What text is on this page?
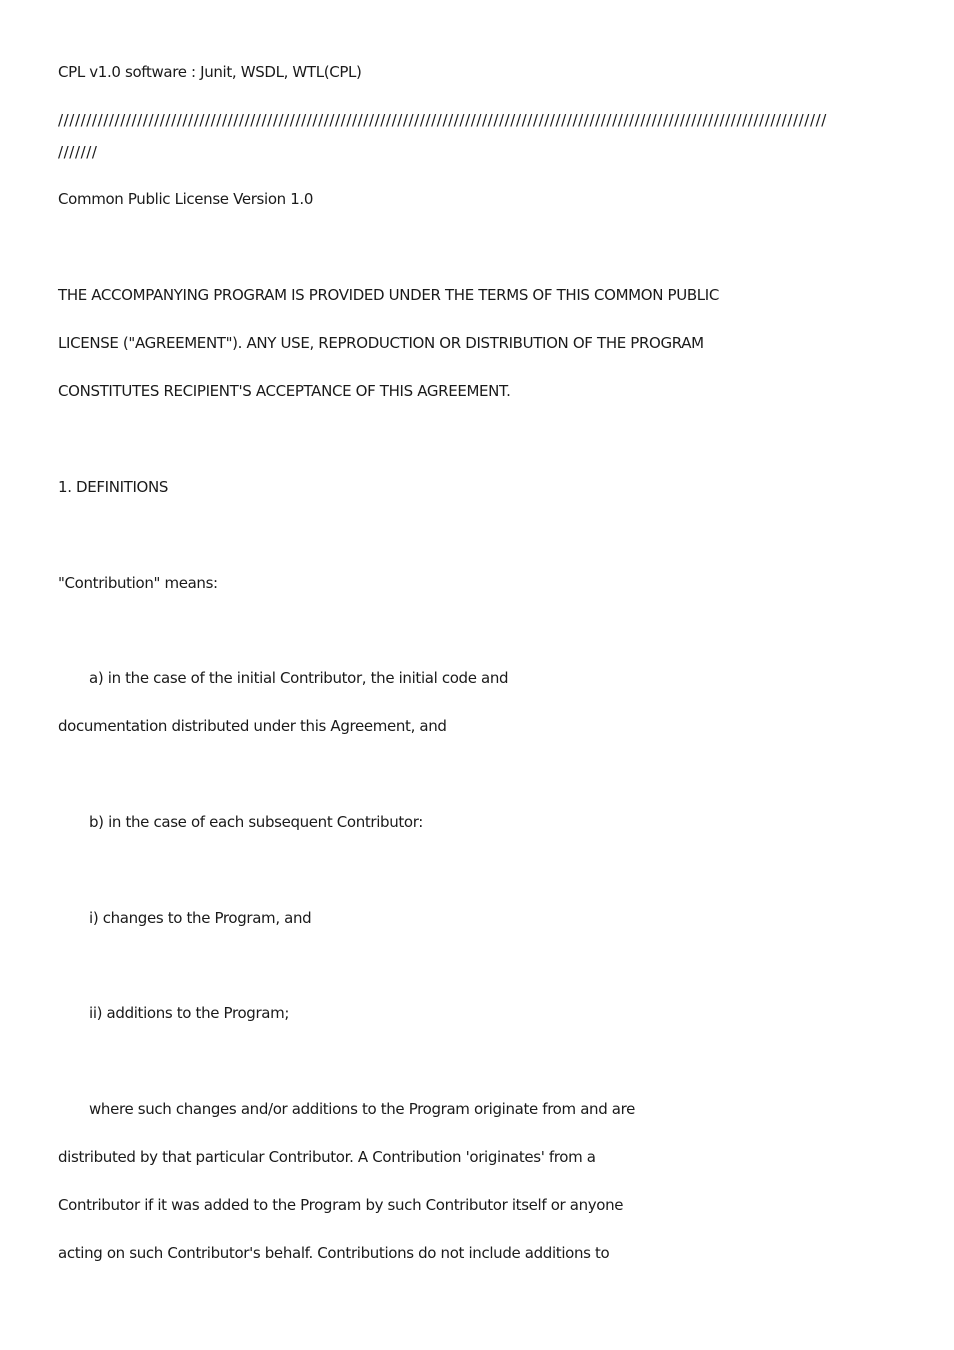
CPL v1.0 software : Junit, WSDL, WTL(CPL)
////////////////////////////////////////////////////////////////////////////////////////////////////////////////////////////////////////
///////
Common Public License Version 1.0
THE ACCOMPANYING PROGRAM IS PROVIDED UNDER THE TERMS OF THIS COMMON PUBLIC
LICENSE ("AGREEMENT"). ANY USE, REPRODUCTION OR DISTRIBUTION OF THE PROGRAM
CONSTITUTES RECIPIENT'S ACCEPTANCE OF THIS AGREEMENT.
1. DEFINITIONS
"Contribution" means:
a) in the case of the initial Contributor, the initial code and
documentation distributed under this Agreement, and
b) in the case of each subsequent Contributor:
i) changes to the Program, and
ii) additions to the Program;
where such changes and/or additions to the Program originate from and are
distributed by that particular Contributor. A Contribution 'originates' from a
Contributor if it was added to the Program by such Contributor itself or anyone
acting on such Contributor's behalf. Contributions do not include additions to
